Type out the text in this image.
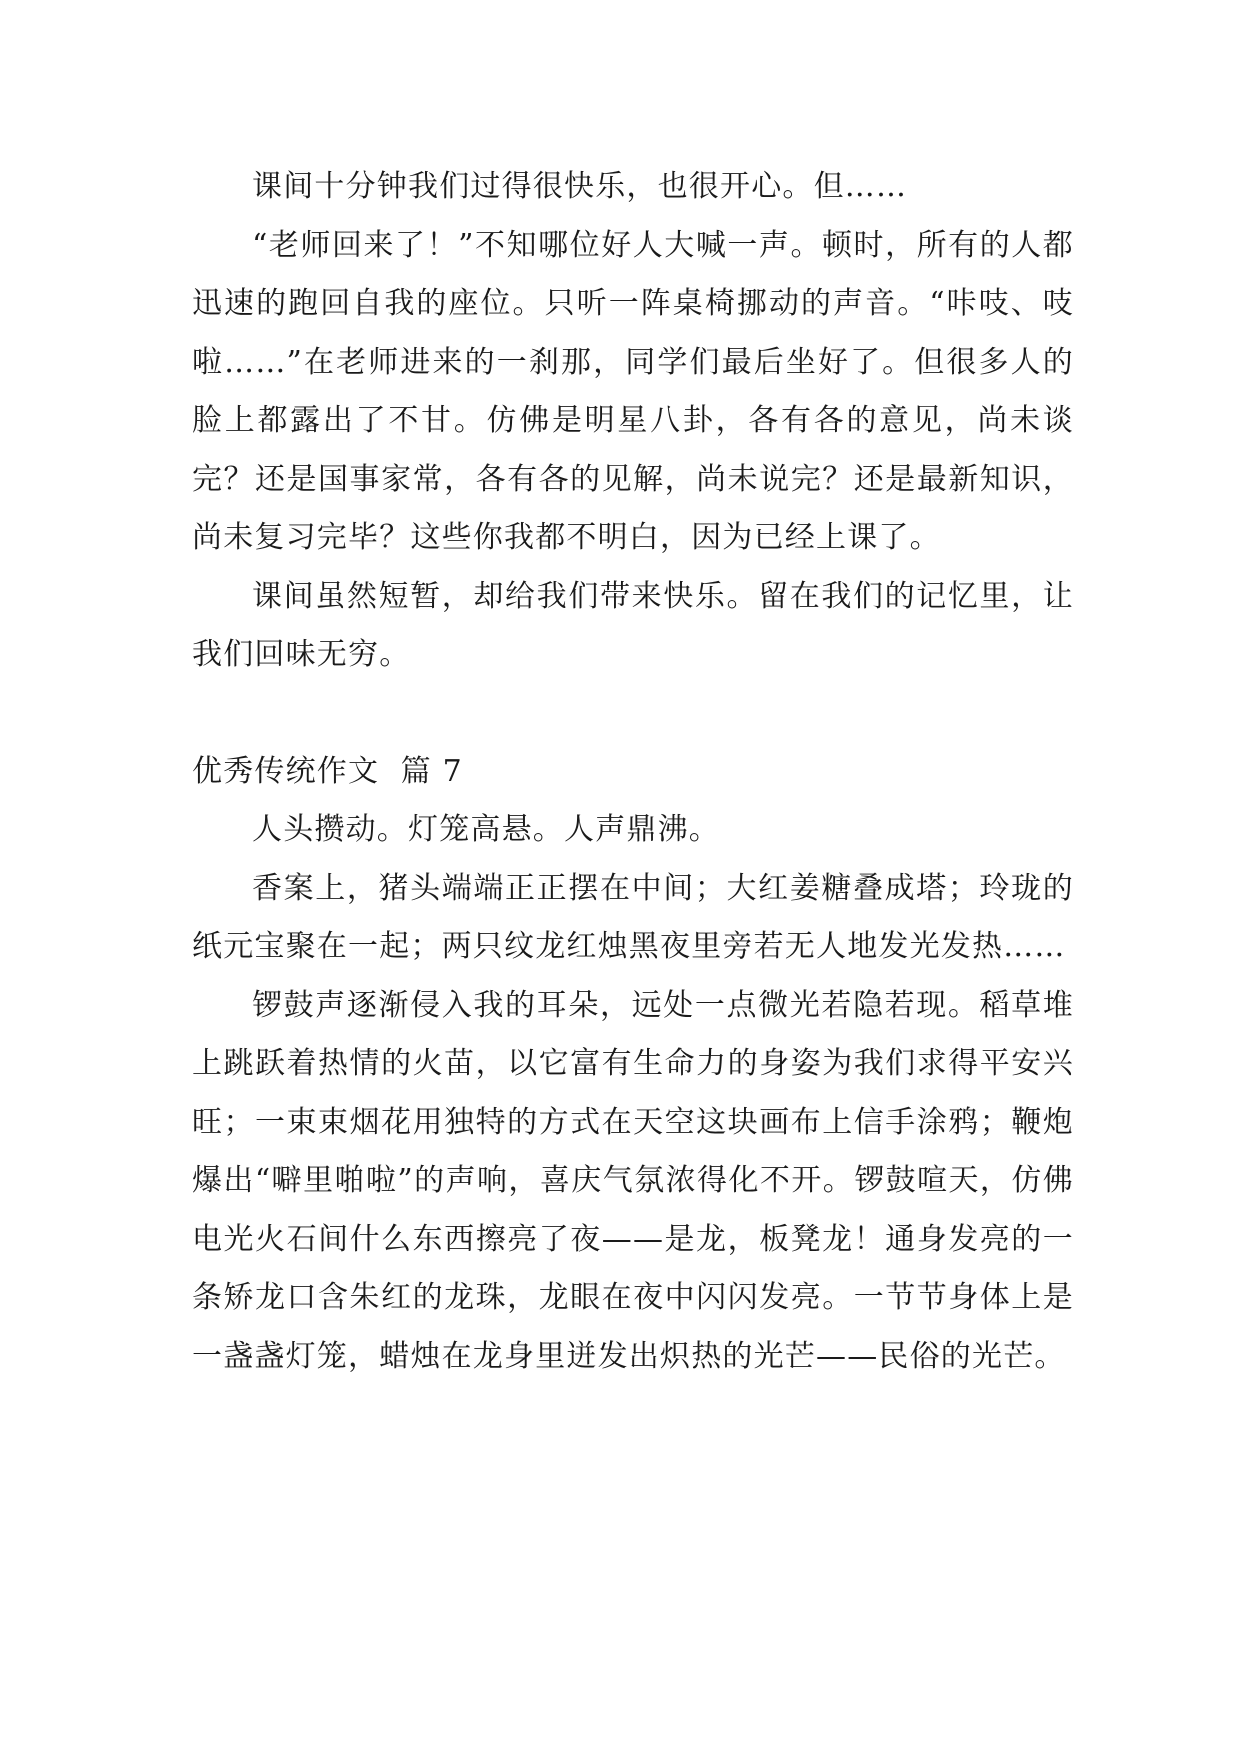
课间十分钟我们过得很快乐，也很开心。但……

“老师回来了！”不知哪位好人大喊一声。顿时，所有的人都迅速的跑回自我的座位。只听一阵桌椅挪动的声音。“咔吱、吱啦……”在老师进来的一刹那，同学们最后坐好了。但很多人的脸上都露出了不甘。仿佛是明星八卦，各有各的意见，尚未谈完？还是国事家常，各有各的见解，尚未说完？还是最新知识，尚未复习完毕？这些你我都不明白，因为已经上课了。

课间虽然短暂，却给我们带来快乐。留在我们的记忆里，让我们回味无穷。

优秀传统作文  篇 7

人头攒动。灯笼高悬。人声鼎沸。

香案上，猪头端端正正摆在中间；大红姜糖叠成塔；玲珑的纸元宝聚在一起；两只纹龙红烛黑夜里旁若无人地发光发热……

锣鼓声逐渐侵入我的耳朵，远处一点微光若隐若现。稻草堆上跳跃着热情的火苗，以它富有生命力的身姿为我们求得平安兴旺；一束束烟花用独特的方式在天空这块画布上信手涂鸦；鞭炮爆出“噼里啪啦”的声响，喜庆气氛浓得化不开。锣鼓喧天，仿佛电光火石间什么东西擦亮了夜——是龙，板凳龙！通身发亮的一条矫龙口含朱红的龙珠，龙眼在夜中闪闪发亮。一节节身体上是一盏盏灯笼，蜡烛在龙身里迸发出炽热的光芒——民俗的光芒。
